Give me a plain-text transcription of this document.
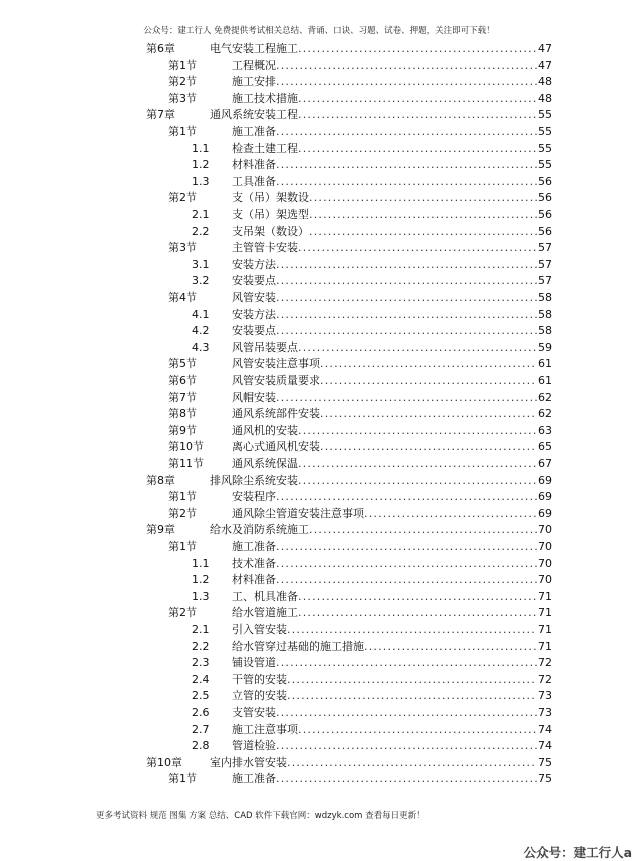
公众号：建工行人 免费提供考试相关总结、背诵、口诀、习题、试卷、押题，关注即可下载！
第6章	电气安装工程施工 .....	47
第1节	工程概况 .....	47
第2节	施工安排 .....	48
第3节	施工技术措施 .....	48
第7章	通风系统安装工程 .....	55
第1节	施工准备 .....	55
1.1 检查土建工程 .....	55
1.2 材料准备 .....	55
1.3 工具准备 .....	56
第2节	支（吊）架数设 .....	56
2.1 支（吊）架选型 .....	56
2.2 支吊架（数设） .....	56
第3节	主管管卡安装 .....	57
3.1 安装方法 .....	57
3.2 安装要点 .....	57
第4节	风管安装 .....	58
4.1 安装方法 .....	58
4.2 安装要点 .....	58
4.3 风管吊装要点 .....	59
第5节	风管安装注意事项 .....	61
第6节	风管安装质量要求 .....	61
第7节	风帽安装 .....	62
第8节	通风系统部件安装 .....	62
第9节	通风机的安装 .....	63
第10节	离心式通风机安装 .....	65
第11节	通风系统保温 .....	67
第8章	排风除尘系统安装 .....	69
第1节	安装程序 .....	69
第2节	通风除尘管道安装注意事项 .....	69
第9章	给水及消防系统施工 .....	70
第1节	施工准备 .....	70
1.1 技术准备 .....	70
1.2 材料准备 .....	70
1.3 工、机具准备 .....	71
第2节	给水管道施工 .....	71
2.1 引入管安装 .....	71
2.2 给水管穿过基础的施工措施 .....	71
2.3 铺设管道 .....	72
2.4 干管的安装 .....	72
2.5 立管的安装 .....	73
2.6 支管安装 .....	73
2.7 施工注意事项 .....	74
2.8 管道检验 .....	74
第10章	室内排水管安装 .....	75
第1节	施工准备 .....	75
更多考试资料 规范 图集 方案 总结、CAD 软件下载官网：wdzyk.com 查看每日更新！
公众号：建工行人a
